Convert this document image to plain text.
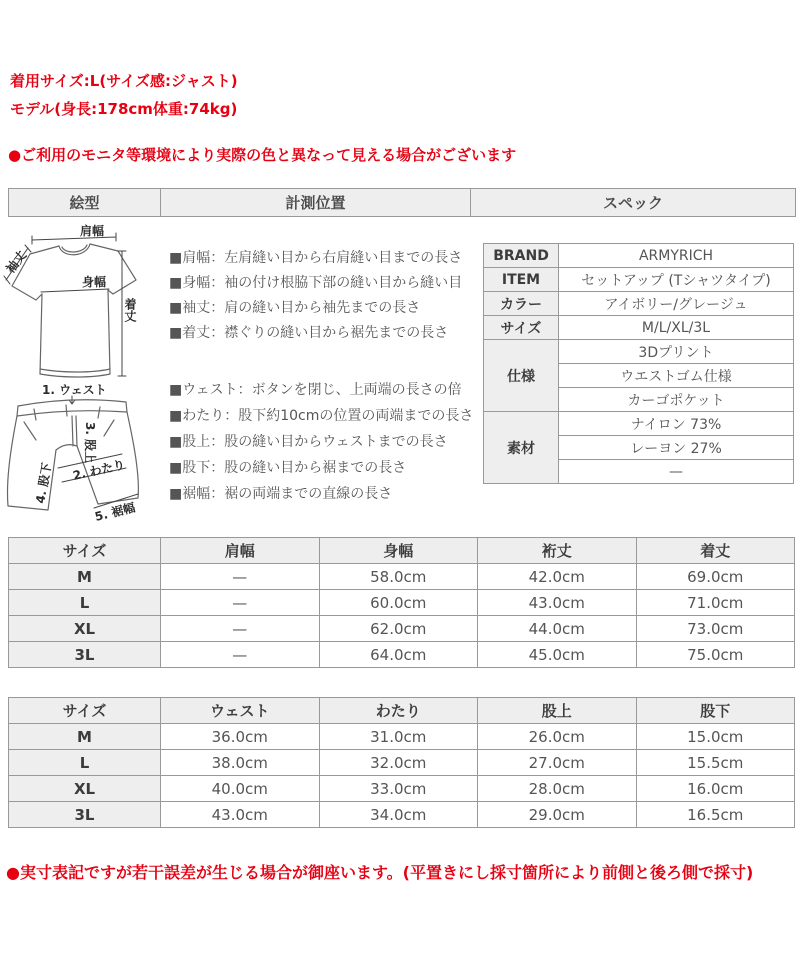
着用サイズ:L(サイズ感:ジャスト)
モデル(身長:178cm体重:74kg)
●ご利用のモニタ等環境により実際の色と異なって見える場合がございます
絵型	計測位置	スペック
肩幅
袖丈
身幅
着丈
1. ウェスト
3. 股上
2. わたり
4. 股下
5. 裾幅
■肩幅：左肩縫い目から右肩縫い目までの長さ
■身幅：袖の付け根脇下部の縫い目から縫い目
■袖丈：肩の縫い目から袖先までの長さ
■着丈：襟ぐりの縫い目から裾先までの長さ
■ウェスト：ボタンを閉じ、上両端の長さの倍
■わたり：股下約10cmの位置の両端までの長さ
■股上：股の縫い目からウェストまでの長さ
■股下：股の縫い目から裾までの長さ
■裾幅：裾の両端までの直線の長さ
BRAND	ARMYRICH
ITEM	セットアップ (Tシャツタイプ)
カラー	アイボリー/グレージュ
サイズ	M/L/XL/3L
仕様	3Dプリント
	ウエストゴム仕様
	カーゴポケット
素材	ナイロン 73%
	レーヨン 27%
	—
サイズ	肩幅	身幅	裄丈	着丈
M	—	58.0cm	42.0cm	69.0cm
L	—	60.0cm	43.0cm	71.0cm
XL	—	62.0cm	44.0cm	73.0cm
3L	—	64.0cm	45.0cm	75.0cm
サイズ	ウェスト	わたり	股上	股下
M	36.0cm	31.0cm	26.0cm	15.0cm
L	38.0cm	32.0cm	27.0cm	15.5cm
XL	40.0cm	33.0cm	28.0cm	16.0cm
3L	43.0cm	34.0cm	29.0cm	16.5cm
●実寸表記ですが若干誤差が生じる場合が御座います。(平置きにし採寸箇所により前側と後ろ側で採寸)
